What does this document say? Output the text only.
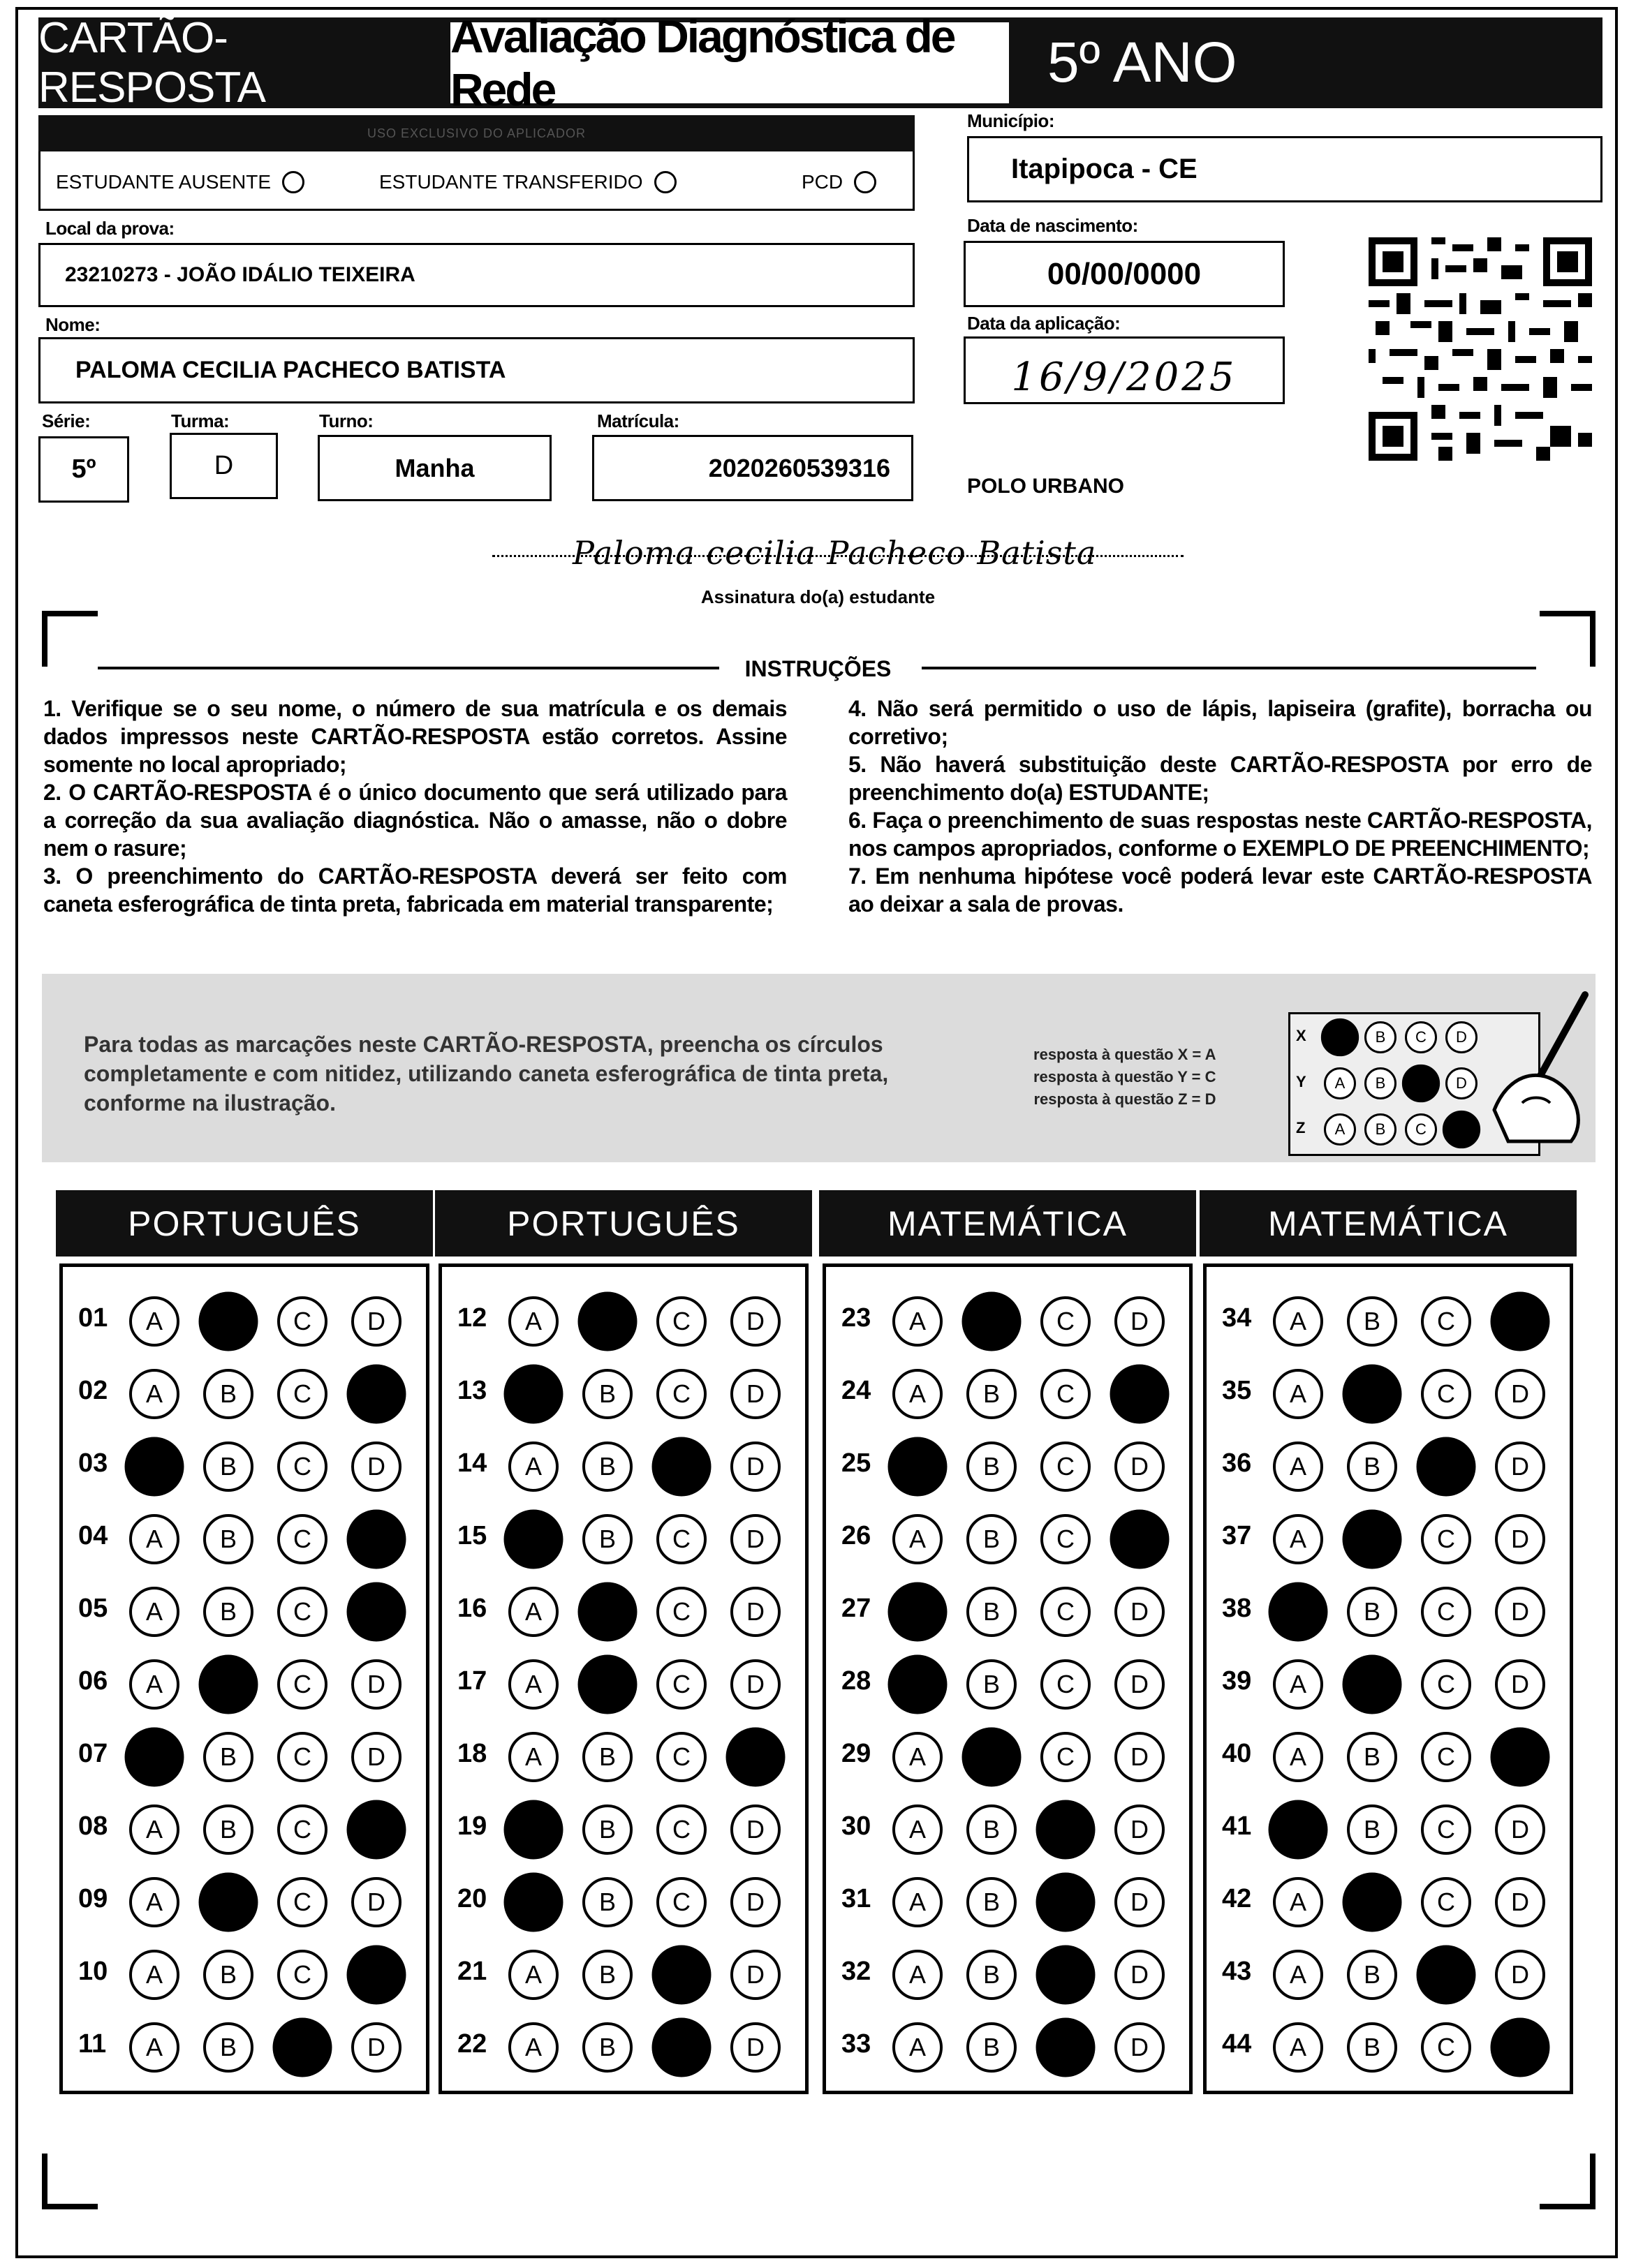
CARTÃO-RESPOSTA
Avaliação Diagnóstica de Rede	5º ANO
USO EXCLUSIVO DO APLICADOR
ESTUDANTE AUSENTE	ESTUDANTE TRANSFERIDO	PCD
Município:
Itapipoca - CE
Local da prova:
23210273 - JOÃO IDÁLIO TEIXEIRA
Nome:
PALOMA CECILIA PACHECO BATISTA
Data de nascimento:
00/00/0000
Data da aplicação:
16/9/2025
Série:
5º
Turma:
D
Turno:
Manha
Matrícula:
2020260539316
POLO URBANO
Paloma cecilia Pacheco Batista
Assinatura do(a) estudante
INSTRUÇÕES

1. Verifique se o seu nome, o número de sua matrícula e os demais dados impressos neste CARTÃO-RESPOSTA estão corretos. Assine somente no local apropriado;

2. O CARTÃO-RESPOSTA é o único documento que será utilizado para a correção da sua avaliação diagnóstica. Não o amasse, não o dobre nem o rasure;

3. O preenchimento do CARTÃO-RESPOSTA deverá ser feito com caneta esferográfica de tinta preta, fabricada em material transparente;

4. Não será permitido o uso de lápis, lapiseira (grafite), borracha ou corretivo;

5. Não haverá substituição deste CARTÃO-RESPOSTA por erro de preenchimento do(a) ESTUDANTE;

6. Faça o preenchimento de suas respostas neste CARTÃO-RESPOSTA, nos campos apropriados, conforme o EXEMPLO DE PREENCHIMENTO;

7. Em nenhuma hipótese você poderá levar este CARTÃO-RESPOSTA ao deixar a sala de provas.

Para todas as marcações neste CARTÃO-RESPOSTA, preencha os círculos completamente e com nitidez, utilizando caneta esferográfica de tinta preta, conforme na ilustração.
resposta à questão X = A
resposta à questão Y = C
resposta à questão Z = D
X	B	C	D
Y	A	B	D
Z	A	B	C
PORTUGUÊS
01	A	C	D
02	A	B	C
03	B	C	D
04	A	B	C
05	A	B	C
06	A	C	D
07	B	C	D
08	A	B	C
09	A	C	D
10	A	B	C
11	A	B	D
PORTUGUÊS
12	A	C	D
13	B	C	D
14	A	B	D
15	B	C	D
16	A	C	D
17	A	C	D
18	A	B	C
19	B	C	D
20	B	C	D
21	A	B	D
22	A	B	D
MATEMÁTICA
23	A	C	D
24	A	B	C
25	B	C	D
26	A	B	C
27	B	C	D
28	B	C	D
29	A	C	D
30	A	B	D
31	A	B	D
32	A	B	D
33	A	B	D
MATEMÁTICA
34	A	B	C
35	A	C	D
36	A	B	D
37	A	C	D
38	B	C	D
39	A	C	D
40	A	B	C
41	B	C	D
42	A	C	D
43	A	B	D
44	A	B	C
